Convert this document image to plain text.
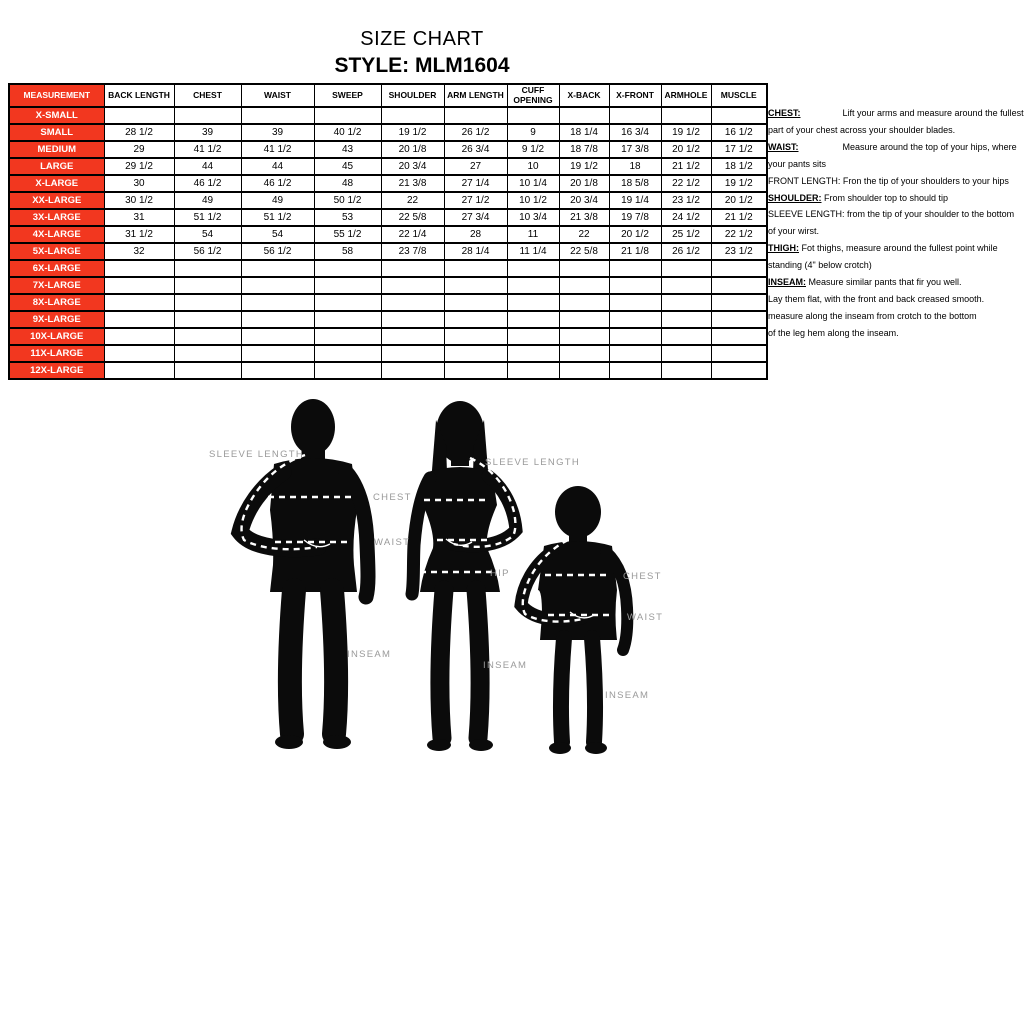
SIZE CHART
STYLE: MLM1604
MEASUREMENT	BACK LENGTH	CHEST	WAIST	SWEEP	SHOULDER	ARM LENGTH	CUFF OPENING	X-BACK	X-FRONT	ARMHOLE	MUSCLE
X-SMALL											
SMALL	28 1/2	39	39	40 1/2	19 1/2	26 1/2	9	18 1/4	16 3/4	19 1/2	16 1/2
MEDIUM	29	41 1/2	41 1/2	43	20 1/8	26 3/4	9 1/2	18 7/8	17 3/8	20 1/2	17 1/2
LARGE	29 1/2	44	44	45	20 3/4	27	10	19 1/2	18	21 1/2	18 1/2
X-LARGE	30	46 1/2	46 1/2	48	21 3/8	27 1/4	10 1/4	20 1/8	18 5/8	22 1/2	19 1/2
XX-LARGE	30 1/2	49	49	50 1/2	22	27 1/2	10 1/2	20 3/4	19 1/4	23 1/2	20 1/2
3X-LARGE	31	51 1/2	51 1/2	53	22 5/8	27 3/4	10 3/4	21 3/8	19 7/8	24 1/2	21 1/2
4X-LARGE	31 1/2	54	54	55 1/2	22 1/4	28	11	22	20 1/2	25 1/2	22 1/2
5X-LARGE	32	56 1/2	56 1/2	58	23 7/8	28 1/4	11 1/4	22 5/8	21 1/8	26 1/2	23 1/2
6X-LARGE											
7X-LARGE											
8X-LARGE											
9X-LARGE											
10X-LARGE											
11X-LARGE											
12X-LARGE											
CHEST:	Lift your arms and measure around the fullest
part of your chest across your shoulder blades.
WAIST:	Measure around the top of your hips, where
your pants sits
FRONT LENGTH: Fron the tip of your shoulders to your hips
SHOULDER: From shoulder top to should tip
SLEEVE LENGTH: from the tip of your shoulder to the bottom
of your wirst.
THIGH: Fot thighs, measure around the fullest point while
standing (4" below crotch)
INSEAM: Measure similar pants that fir you well.
Lay them flat, with the front and back creased smooth.
measure along the inseam from crotch to the bottom
of the leg hem along the inseam.
SLEEVE LENGTH
CHEST
WAIST
INSEAM
SLEEVE LENGTH
HIP
INSEAM
CHEST
WAIST
INSEAM
